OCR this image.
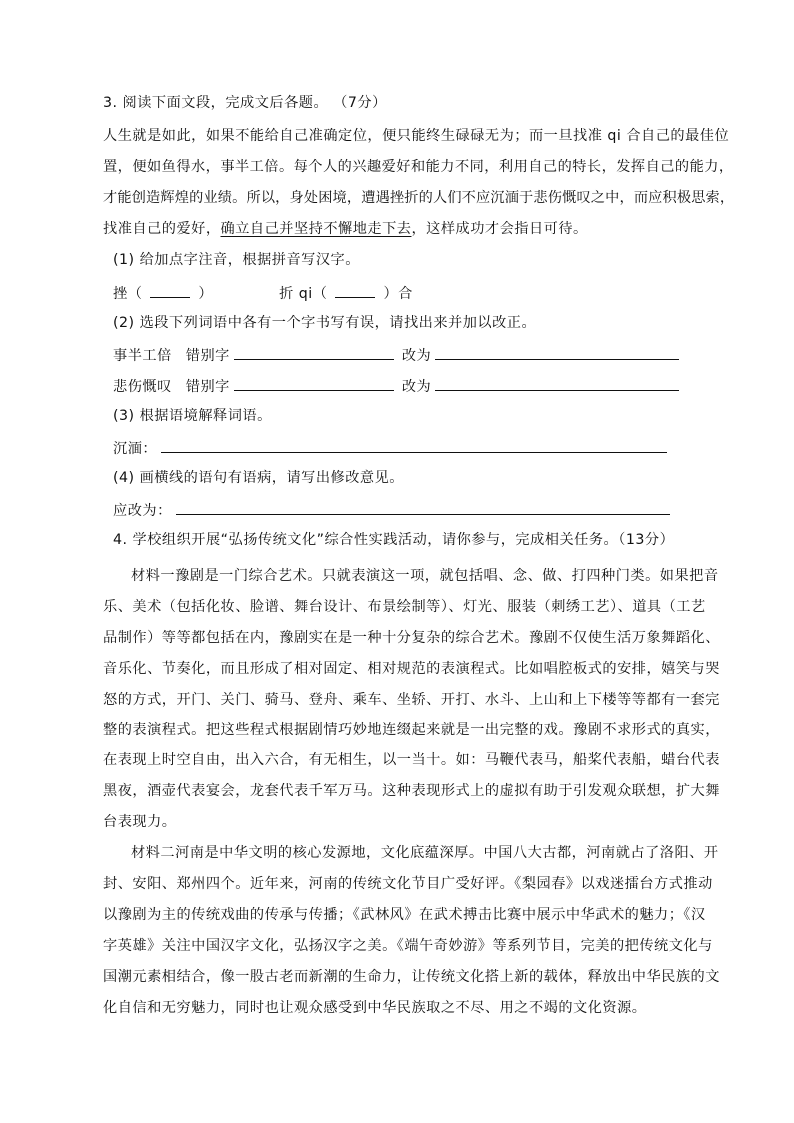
3. 阅读下面文段，完成文后各题。 （7分）
人生就是如此，如果不能给自己准确定位，便只能终生碌碌无为；而一旦找准 qi 合自己的最佳位
置，便如鱼得水，事半工倍。每个人的兴趣爱好和能力不同，利用自己的特长，发挥自己的能力，
才能创造辉煌的业绩。所以，身处困境，遭遇挫折的人们不应沉湎于悲伤慨叹之中，而应积极思索，
找准自己的爱好，确立自己并坚持不懈地走下去，这样成功才会指日可待。
(1) 给加点字注音，根据拼音写汉字。
挫（	）	折 qi（	）合
(2) 选段下列词语中各有一个字书写有误，请找出来并加以改正。
事半工倍 错别字	改为
悲伤慨叹 错别字	改为
(3) 根据语境解释词语。
沉湎：
(4) 画横线的语句有语病，请写出修改意见。
应改为：
4. 学校组织开展“弘扬传统文化”综合性实践活动，请你参与，完成相关任务。（13分）
材料一豫剧是一门综合艺术。只就表演这一项，就包括唱、念、做、打四种门类。如果把音
乐、美术（包括化妆、脸谱、舞台设计、布景绘制等）、灯光、服装（刺绣工艺）、道具（工艺
品制作）等等都包括在内，豫剧实在是一种十分复杂的综合艺术。豫剧不仅使生活万象舞蹈化、
音乐化、节奏化，而且形成了相对固定、相对规范的表演程式。比如唱腔板式的安排，嬉笑与哭
怒的方式，开门、关门、骑马、登舟、乘车、坐轿、开打、水斗、上山和上下楼等等都有一套完
整的表演程式。把这些程式根据剧情巧妙地连缀起来就是一出完整的戏。豫剧不求形式的真实，
在表现上时空自由，出入六合，有无相生，以一当十。如：马鞭代表马，船桨代表船，蜡台代表
黑夜，酒壶代表宴会，龙套代表千军万马。这种表现形式上的虚拟有助于引发观众联想，扩大舞
台表现力。
材料二河南是中华文明的核心发源地，文化底蕴深厚。中国八大古都，河南就占了洛阳、开
封、安阳、郑州四个。近年来，河南的传统文化节目广受好评。《梨园春》以戏迷擂台方式推动
以豫剧为主的传统戏曲的传承与传播；《武林风》在武术搏击比赛中展示中华武术的魅力；《汉
字英雄》关注中国汉字文化，弘扬汉字之美。《端午奇妙游》等系列节目，完美的把传统文化与
国潮元素相结合，像一股古老而新潮的生命力，让传统文化搭上新的载体，释放出中华民族的文
化自信和无穷魅力，同时也让观众感受到中华民族取之不尽、用之不竭的文化资源。
